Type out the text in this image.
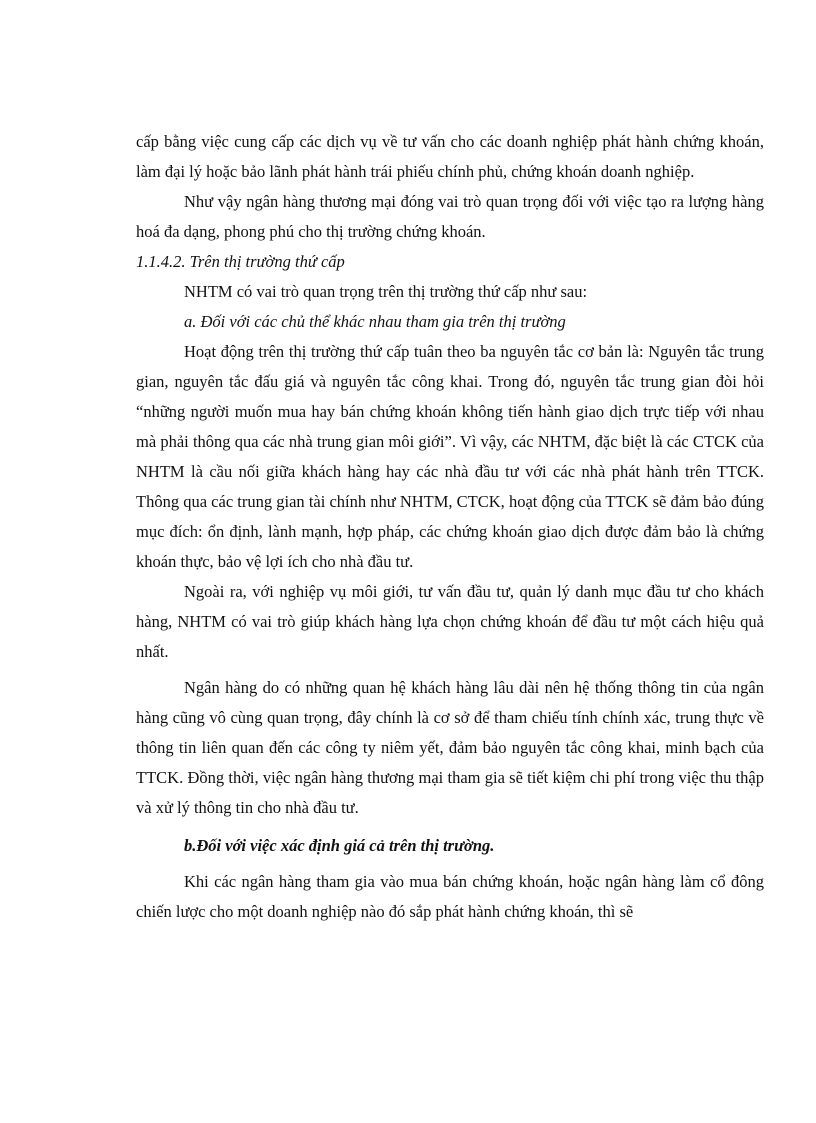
cấp bằng việc cung cấp các dịch vụ về tư vấn cho các doanh nghiệp phát hành chứng khoán, làm đại lý hoặc bảo lãnh phát hành trái phiếu chính phủ, chứng khoán doanh nghiệp.

Như vậy ngân hàng thương mại đóng vai trò quan trọng đối với việc tạo ra lượng hàng hoá đa dạng, phong phú cho thị trường chứng khoán.

1.1.4.2. Trên thị trường thứ cấp

NHTM có vai trò quan trọng trên thị trường thứ cấp như sau:

a. Đối với các chủ thể khác nhau tham gia trên thị trường

Hoạt động trên thị trường thứ cấp tuân theo ba nguyên tắc cơ bản là: Nguyên tắc trung gian, nguyên tắc đấu giá và nguyên tắc công khai. Trong đó, nguyên tắc trung gian đòi hỏi “những người muốn mua hay bán chứng khoán không tiến hành giao dịch trực tiếp với nhau mà phải thông qua các nhà trung gian môi giới”. Vì vậy, các NHTM, đặc biệt là các CTCK của NHTM là cầu nối giữa khách hàng hay các nhà đầu tư với các nhà phát hành trên TTCK. Thông qua các trung gian tài chính như NHTM, CTCK, hoạt động của TTCK sẽ đảm bảo đúng mục đích: ổn định, lành mạnh, hợp pháp, các chứng khoán giao dịch được đảm bảo là chứng khoán thực, bảo vệ lợi ích cho nhà đầu tư.

Ngoài ra, với nghiệp vụ môi giới, tư vấn đầu tư, quản lý danh mục đầu tư cho khách hàng, NHTM có vai trò giúp khách hàng lựa chọn chứng khoán để đầu tư một cách hiệu quả nhất.

Ngân hàng do có những quan hệ khách hàng lâu dài nên hệ thống thông tin của ngân hàng cũng vô cùng quan trọng, đây chính là cơ sở để tham chiếu tính chính xác, trung thực về thông tin liên quan đến các công ty niêm yết, đảm bảo nguyên tắc công khai, minh bạch của TTCK. Đồng thời, việc ngân hàng thương mại tham gia sẽ tiết kiệm chi phí trong việc thu thập và xử lý thông tin cho nhà đầu tư.

b.Đối với việc xác định giá cả trên thị trường.

Khi các ngân hàng tham gia vào mua bán chứng khoán, hoặc ngân hàng làm cổ đông chiến lược cho một doanh nghiệp nào đó sắp phát hành chứng khoán, thì sẽ
